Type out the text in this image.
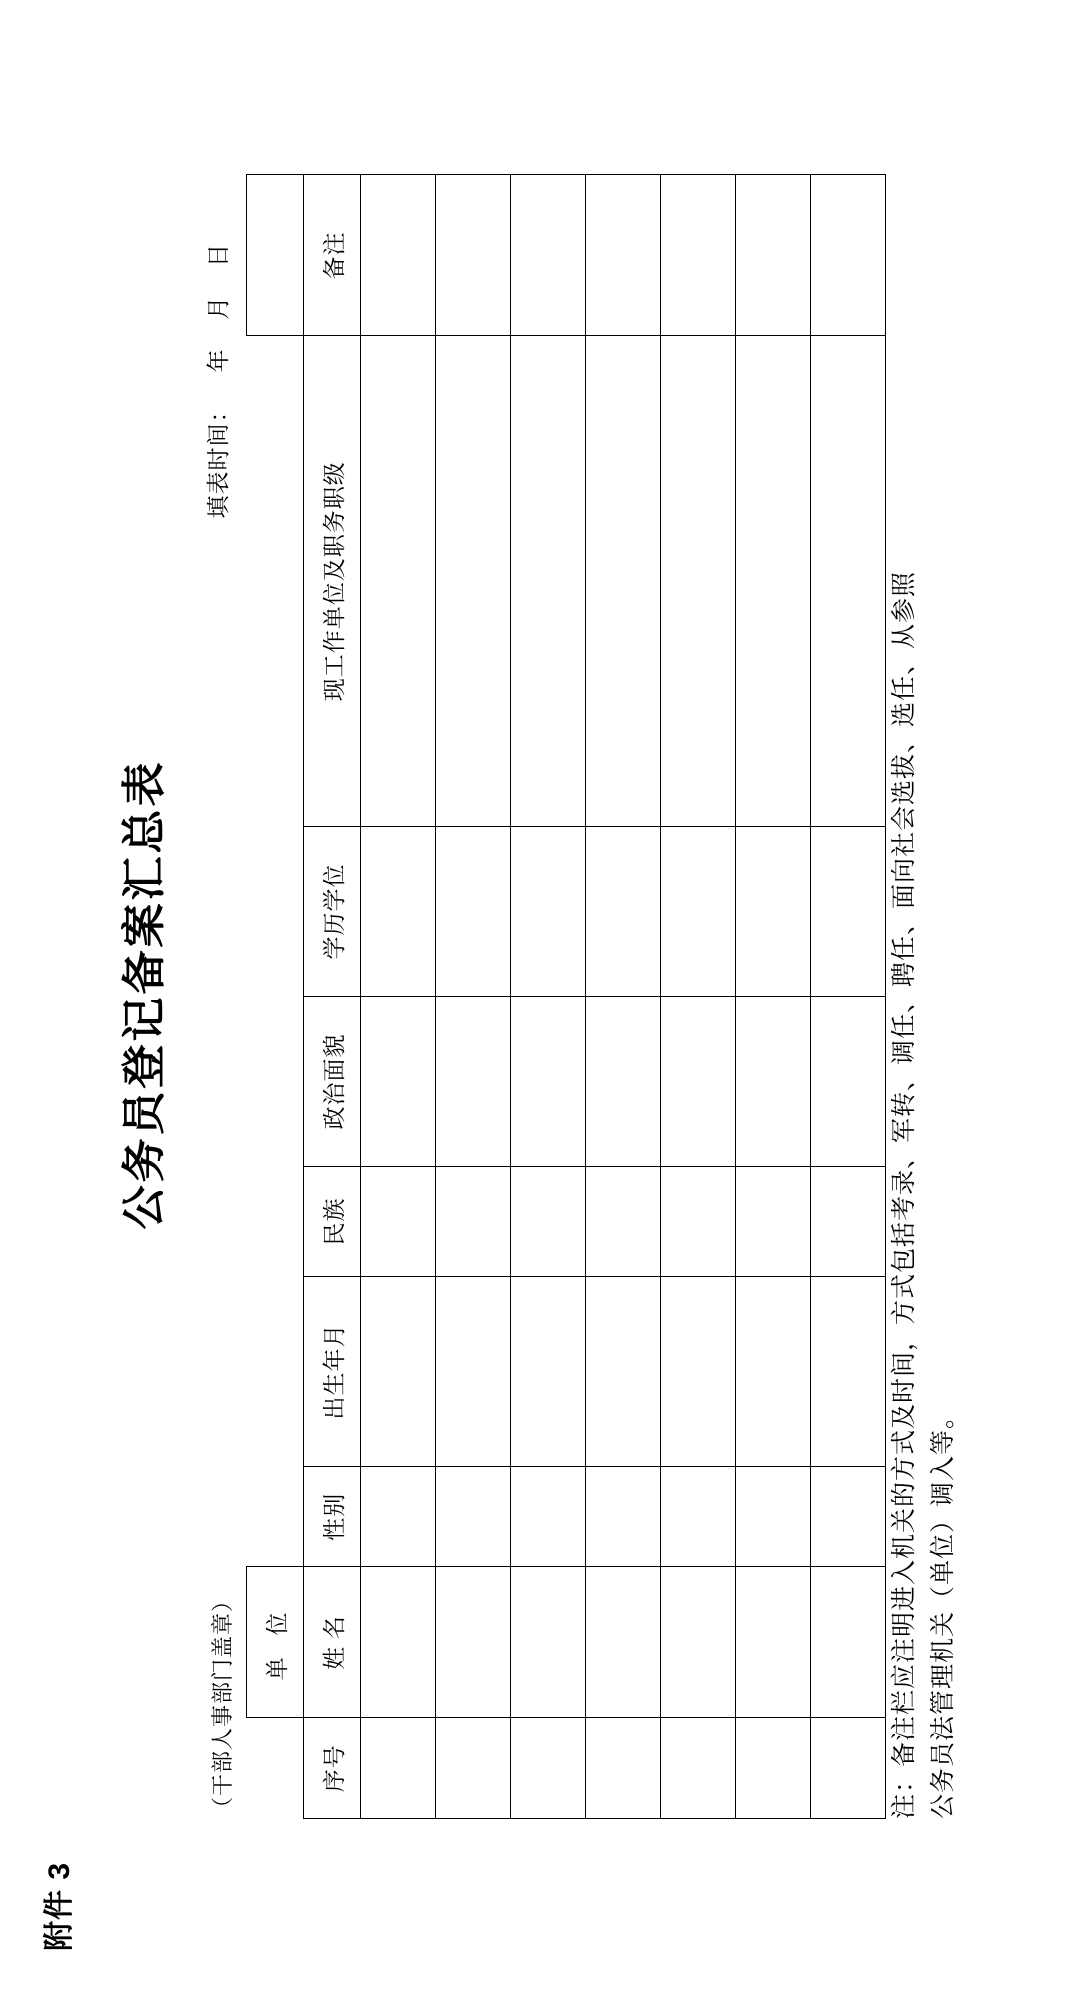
附件 3
公务员登记备案汇总表
（干部人事部门盖章）
填表时间：年 月 日
	单 位							
序号	姓 名	性别	出生年月	民族	政治面貌	学历学位	现工作单位及职务职级	备注

注：备注栏应注明进入机关的方式及时间，方式包括考录、军转、调任、聘任、面向社会选拔、选任、从参照 公务员法管理机关（单位）调入等。
